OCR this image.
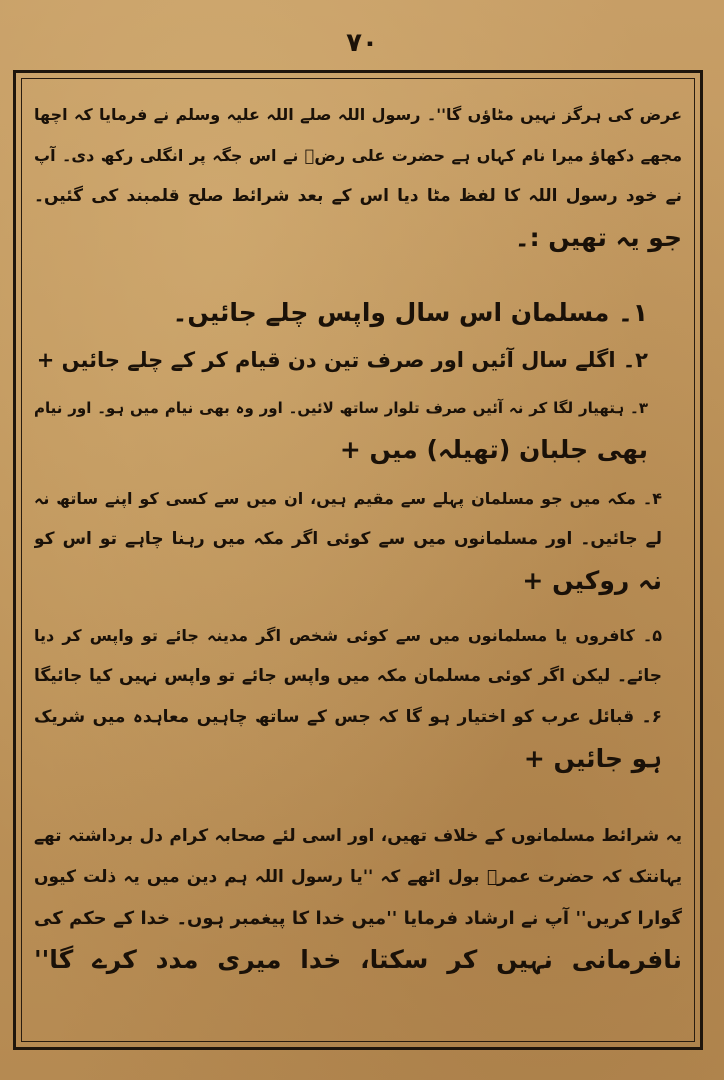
۷۰
عرض کی ہرگز نہیں مٹاؤں گا''۔ رسول اللہ صلے اللہ علیہ وسلم نے فرمایا کہ اچھا
مجھے دکھاؤ میرا نام کہاں ہے حضرت علی رضؓ نے اس جگہ پر انگلی رکھ دی۔ آپ
نے خود رسول اللہ کا لفظ مٹا دیا اس کے بعد شرائط صلح قلمبند کی گئیں۔
جو یہ تھیں :۔
۱۔ مسلمان اس سال واپس چلے جائیں۔
۲۔ اگلے سال آئیں اور صرف تین دن قیام کر کے چلے جائیں +
۳۔ ہتھیار لگا کر نہ آئیں صرف تلوار ساتھ لائیں۔ اور وہ بھی نیام میں ہو۔ اور نیام
بھی جلبان (تھیلہ) میں +
۴۔ مکہ میں جو مسلمان پہلے سے مقیم ہیں، ان میں سے کسی کو اپنے ساتھ نہ
لے جائیں۔ اور مسلمانوں میں سے کوئی اگر مکہ میں رہنا چاہے تو اس کو
نہ روکیں +
۵۔ کافروں یا مسلمانوں میں سے کوئی شخص اگر مدینہ جائے تو واپس کر دیا
جائے۔ لیکن اگر کوئی مسلمان مکہ میں واپس جائے تو واپس نہیں کیا جائیگا
۶۔ قبائل عرب کو اختیار ہو گا کہ جس کے ساتھ چاہیں معاہدہ میں شریک
ہو جائیں +
یہ شرائط مسلمانوں کے خلاف تھیں، اور اسی لئے صحابہ کرام دل برداشتہ تھے
یہانتک کہ حضرت عمرؓ بول اٹھے کہ ''یا رسول اللہ ہم دین میں یہ ذلت کیوں
گوارا کریں'' آپ نے ارشاد فرمایا ''میں خدا کا پیغمبر ہوں۔ خدا کے حکم کی
نافرمانی نہیں کر سکتا، خدا میری مدد کرے گا''
